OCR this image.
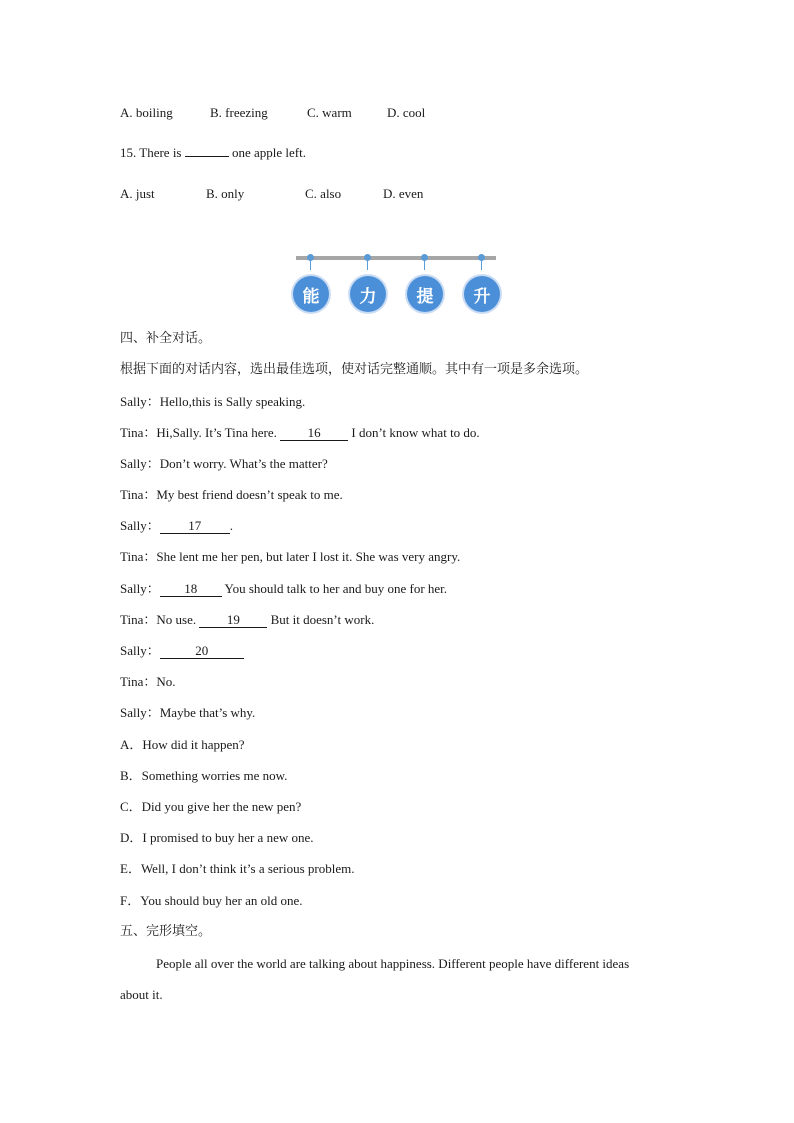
A. boiling	B. freezing	C. warm	D. cool
15. There is	one apple left.
A. just	B. only	C. also	D. even
能	力	提	升
四、补全对话。
根据下面的对话内容，选出最佳选项，使对话完整通顺。其中有一项是多余选项。
Sally：Hello,this is Sally speaking.
Tina：Hi,Sally. It’s Tina here. 16 I don’t know what to do.
Sally：Don’t worry. What’s the matter?
Tina：My best friend doesn’t speak to me.
Sally： 17 .
Tina：She lent me her pen, but later I lost it. She was very angry.
Sally： 18 You should talk to her and buy one for her.
Tina：No use. 19 But it doesn’t work.
Sally：	20
Tina：No.
Sally：Maybe that’s why.
A．How did it happen?
B．Something worries me now.
C．Did you give her the new pen?
D．I promised to buy her a new one.
E．Well, I don’t think it’s a serious problem.
F．You should buy her an old one.
五、完形填空。
People all over the world are talking about happiness. Different people have different ideas
about it.
